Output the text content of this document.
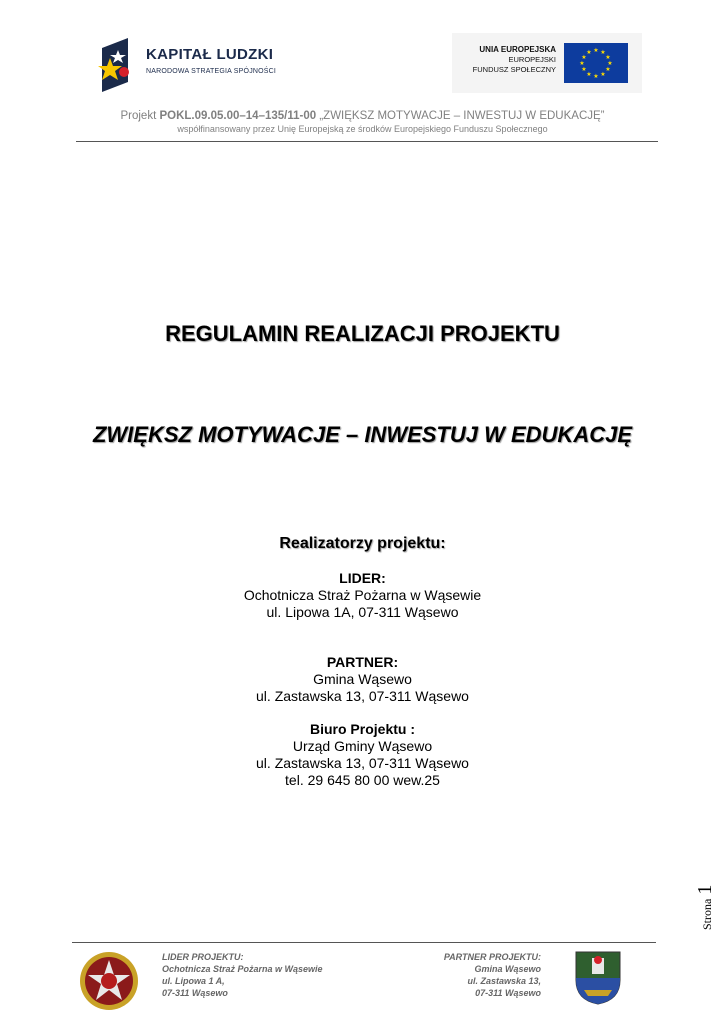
KAPITAŁ LUDZKI
NARODOWA STRATEGIA SPÓJNOŚCI
UNIA EUROPEJSKA
EUROPEJSKI
FUNDUSZ SPOŁECZNY
★ ★
★
★
★
★
★
★
★
★
★
★
Projekt POKL.09.05.00–14–135/11-00 „ZWIĘKSZ MOTYWACJE – INWESTUJ W EDUKACJĘ”
współfinansowany przez Unię Europejską ze środków Europejskiego Funduszu Społecznego
REGULAMIN REALIZACJI PROJEKTU
ZWIĘKSZ MOTYWACJE – INWESTUJ W EDUKACJĘ
Realizatorzy projektu:
LIDER:
Ochotnicza Straż Pożarna w Wąsewie
ul. Lipowa 1A, 07-311 Wąsewo
PARTNER:
Gmina Wąsewo
ul. Zastawska 13, 07-311 Wąsewo
Biuro Projektu :
Urząd Gminy Wąsewo
ul. Zastawska 13, 07-311 Wąsewo
tel. 29 645 80 00 wew.25
Strona 1
LIDER PROJEKTU:
Ochotnicza Straż Pożarna w Wąsewie
ul. Lipowa 1 A,
07-311 Wąsewo
PARTNER PROJEKTU:
Gmina Wąsewo
ul. Zastawska 13,
07-311 Wąsewo
